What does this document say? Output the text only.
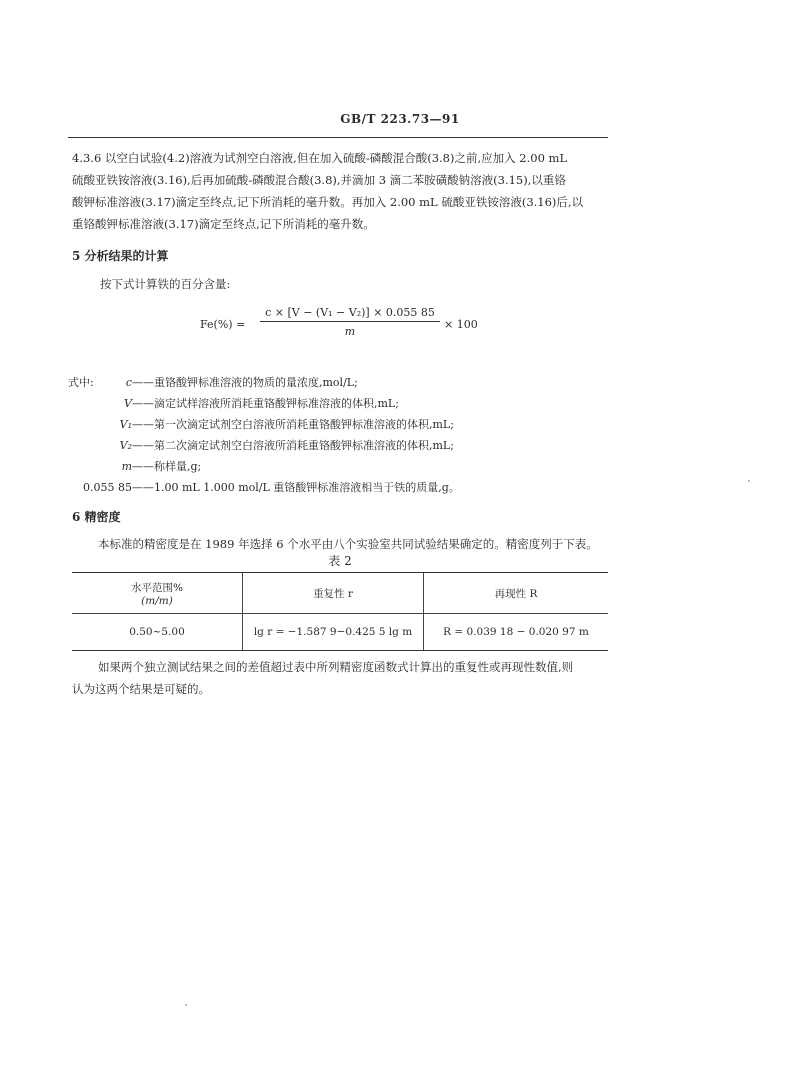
GB/T 223.73—91
4.3.6 以空白试验(4.2)溶液为试剂空白溶液,但在加入硫酸-磷酸混合酸(3.8)之前,应加入 2.00 mL
硫酸亚铁铵溶液(3.16),后再加硫酸-磷酸混合酸(3.8),并滴加 3 滴二苯胺磺酸钠溶液(3.15),以重铬
酸钾标准溶液(3.17)滴定至终点,记下所消耗的毫升数。再加入 2.00 mL 硫酸亚铁铵溶液(3.16)后,以
重铬酸钾标准溶液(3.17)滴定至终点,记下所消耗的毫升数。
5 分析结果的计算
按下式计算铁的百分含量:
$Fe(\%) = \frac{\text{c × [V − (V₁ − V₂)] × 0.055 85}}{m} \times 100$
式中:	c——重铬酸钾标准溶液的物质的量浓度,mol/L;
V——滴定试样溶液所消耗重铬酸钾标准溶液的体积,mL;
V₁——第一次滴定试剂空白溶液所消耗重铬酸钾标准溶液的体积,mL;
V₂——第二次滴定试剂空白溶液所消耗重铬酸钾标准溶液的体积,mL;
m——称样量,g;
0.055 85——1.00 mL 1.000 mol/L 重铬酸钾标准溶液相当于铁的质量,g。
6 精密度
本标准的精密度是在 1989 年选择 6 个水平由八个实验室共同试验结果确定的。精密度列于下表。
表 2
水平范围%
(m/m)	重复性 r	再现性 R
0.50~5.00	lg r = −1.587 9−0.425 5 lg m	R = 0.039 18 − 0.020 97 m
如果两个独立测试结果之间的差值超过表中所列精密度函数式计算出的重复性或再现性数值,则
认为这两个结果是可疑的。
